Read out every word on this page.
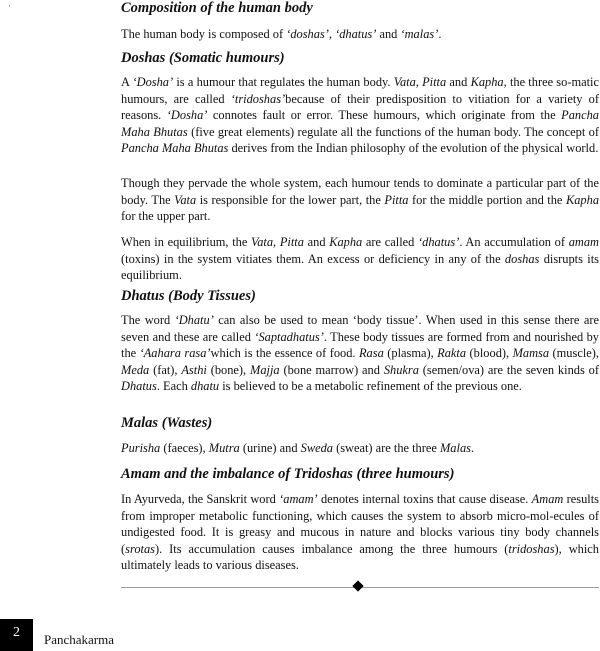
'	Composition of the human body

The human body is composed of ‘doshas’, ‘dhatus’ and ‘malas’.

Doshas (Somatic humours)

A ‘Dosha’ is a humour that regulates the human body. Vata, Pitta and Kapha, the three so-matic humours, are called ‘tridoshas’because of their predisposition to vitiation for a variety of reasons. ‘Dosha’ connotes fault or error. These humours, which originate from the Pancha Maha Bhutas (five great elements) regulate all the functions of the human body. The concept of Pancha Maha Bhutas derives from the Indian philosophy of the evolution of the physical world.

Though they pervade the whole system, each humour tends to dominate a particular part of the body. The Vata is responsible for the lower part, the Pitta for the middle portion and the Kapha for the upper part.

When in equilibrium, the Vata, Pitta and Kapha are called ‘dhatus’. An accumulation of amam (toxins) in the system vitiates them. An excess or deficiency in any of the doshas disrupts its equilibrium.

Dhatus (Body Tissues)

The word ‘Dhatu’ can also be used to mean ‘body tissue’. When used in this sense there are seven and these are called ‘Saptadhatus’. These body tissues are formed from and nourished by the ‘Aahara rasa’which is the essence of food. Rasa (plasma), Rakta (blood), Mamsa (muscle), Meda (fat), Asthi (bone), Majja (bone marrow) and Shukra (semen/ova) are the seven kinds of Dhatus. Each dhatu is believed to be a metabolic refinement of the previous one.

Malas (Wastes)

Purisha (faeces), Mutra (urine) and Sweda (sweat) are the three Malas.

Amam and the imbalance of Tridoshas (three humours)

In Ayurveda, the Sanskrit word ‘amam’ denotes internal toxins that cause disease. Amam results from improper metabolic functioning, which causes the system to absorb micro-mol-ecules of undigested food. It is greasy and mucous in nature and blocks various tiny body channels (srotas). Its accumulation causes imbalance among the three humours (tridoshas), which ultimately leads to various diseases.

2	Panchakarma
